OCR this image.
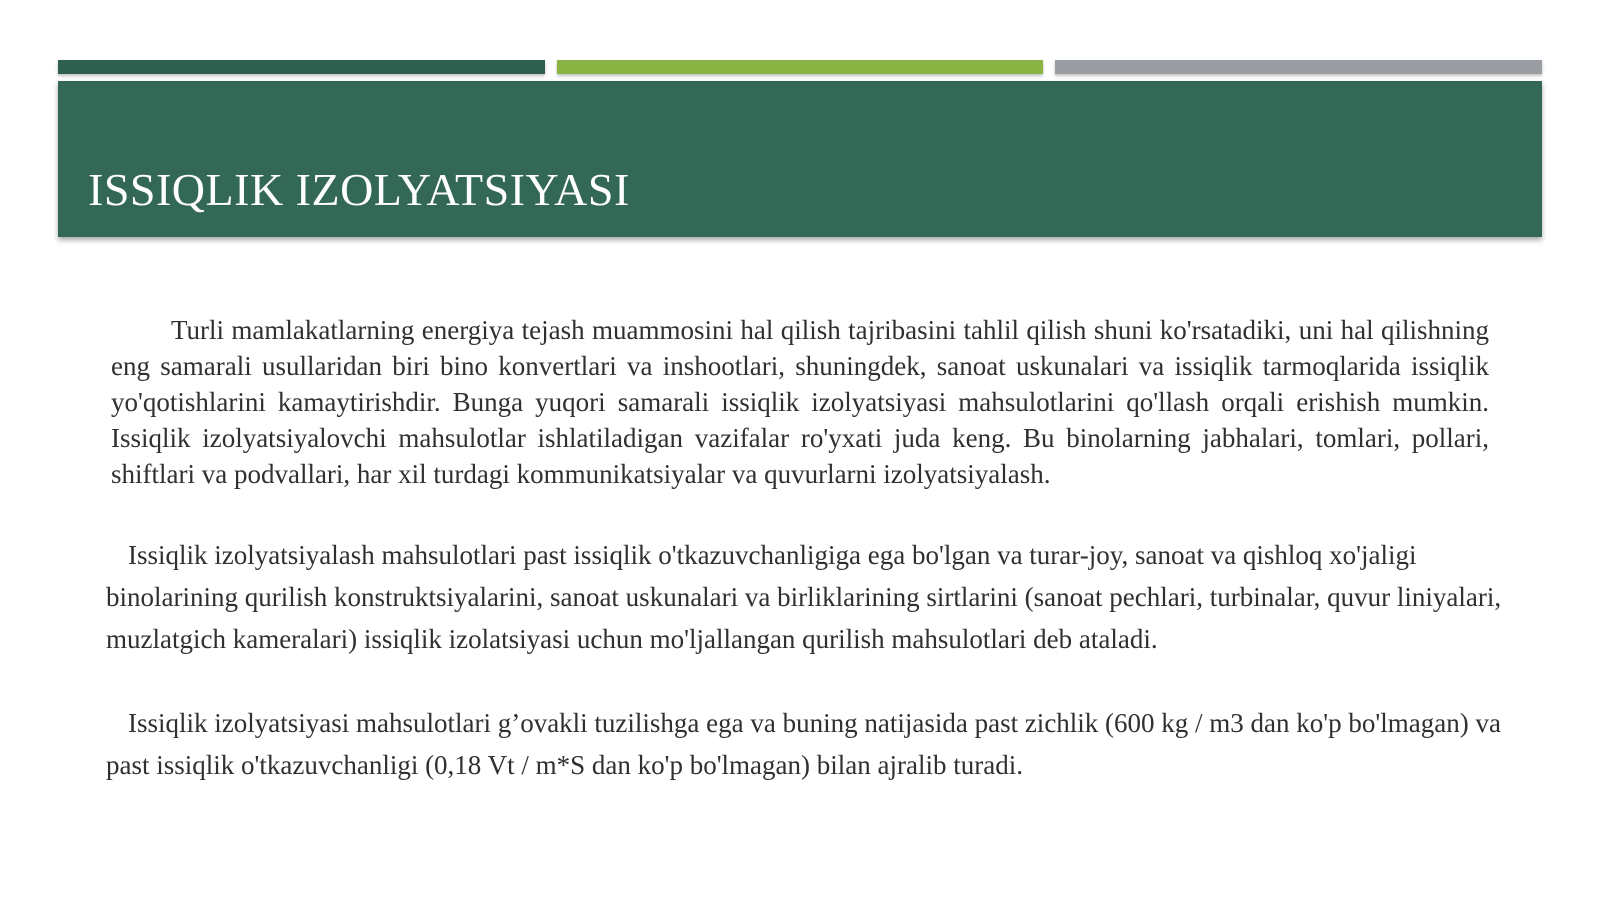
ISSIQLIK IZOLYATSIYASI

Turli mamlakatlarning energiya tejash muammosini hal qilish tajribasini tahlil qilish shuni ko'rsatadiki, uni hal qilishning eng samarali usullaridan biri bino konvertlari va inshootlari, shuningdek, sanoat uskunalari va issiqlik tarmoqlarida issiqlik yo'qotishlarini kamaytirishdir. Bunga yuqori samarali issiqlik izolyatsiyasi mahsulotlarini qo'llash orqali erishish mumkin. Issiqlik izolyatsiyalovchi mahsulotlar ishlatiladigan vazifalar ro'yxati juda keng. Bu binolarning jabhalari, tomlari, pollari, shiftlari va podvallari, har xil turdagi kommunikatsiyalar va quvurlarni izolyatsiyalash.

Issiqlik izolyatsiyalash mahsulotlari past issiqlik o'tkazuvchanligiga ega bo'lgan va turar-joy, sanoat va qishloq xo'jaligi binolarining qurilish konstruktsiyalarini, sanoat uskunalari va birliklarining sirtlarini (sanoat pechlari, turbinalar, quvur liniyalari, muzlatgich kameralari) issiqlik izolatsiyasi uchun mo'ljallangan qurilish mahsulotlari deb ataladi.

Issiqlik izolyatsiyasi mahsulotlari g’ovakli tuzilishga ega va buning natijasida past zichlik (600 kg / m3 dan ko'p bo'lmagan) va past issiqlik o'tkazuvchanligi (0,18 Vt / m*S dan ko'p bo'lmagan) bilan ajralib turadi.
